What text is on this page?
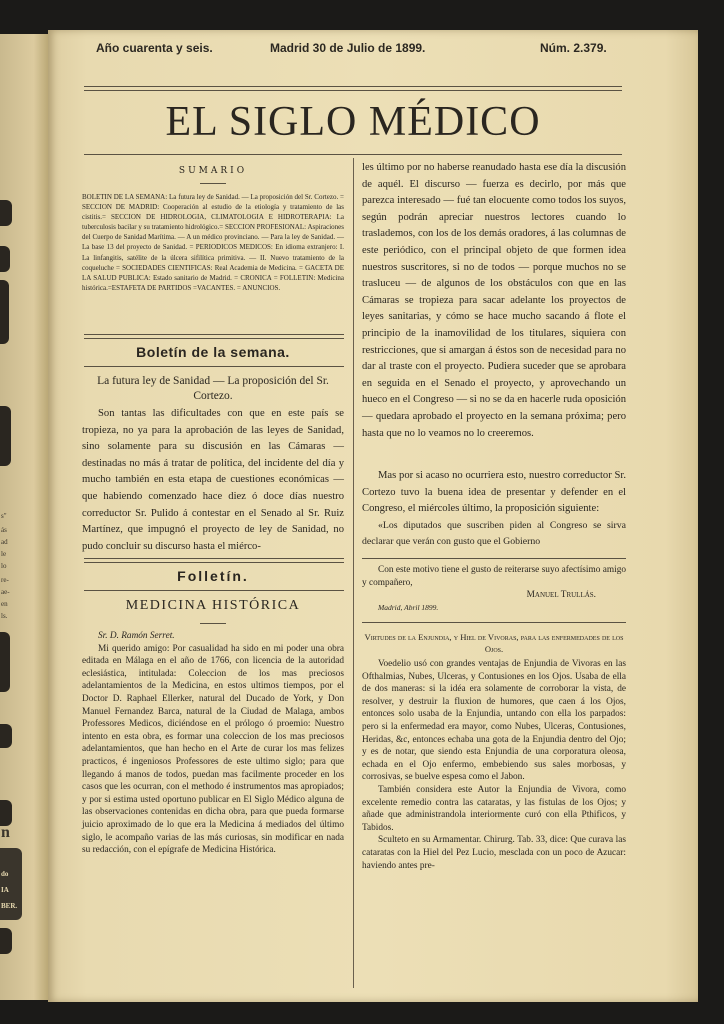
s"
ás
ad
le
lo
re-
ae-
en
ls.
n
do
IA
BER.
Año cuarenta y seis.	Madrid 30 de Julio de 1899.	Núm. 2.379.
EL SIGLO MÉDICO
SUMARIO
BOLETIN DE LA SEMANA: La futura ley de Sanidad. — La proposición del Sr. Cortezo. = SECCION DE MADRID: Cooperación al estudio de la etiología y tratamiento de las cistitis.= SECCION DE HIDROLOGIA, CLIMATOLOGIA E HIDROTERAPIA: La tuberculosis bacilar y su tratamiento hidrológico.= SECCION PROFESIONAL: Aspiraciones del Cuerpo de Sanidad Marítima. — A un médico provinciano. — Para la ley de Sanidad. — La base 13 del proyecto de Sanidad. = PERIODICOS MEDICOS: En idioma extranjero: I. La linfangitis, satélite de la úlcera sifilítica primitiva. — II. Nuevo tratamiento de la coqueluche = SOCIEDADES CIENTIFICAS: Real Academia de Medicina. = GACETA DE LA SALUD PUBLICA: Estado sanitario de Madrid. = CRONICA = FOLLETIN: Medicina histórica.=ESTAFETA DE PARTIDOS =VACANTES. = ANUNCIOS.
Boletín de la semana.
La futura ley de Sanidad — La proposición del Sr. Cortezo.

Son tantas las dificultades con que en este país se tropieza, no ya para la aprobación de las leyes de Sanidad, sino solamente para su discusión en las Cámaras — destinadas no más á tratar de política, del incidente del día y mucho también en esta etapa de cuestiones económicas — que habiendo comenzado hace diez ó doce días nuestro correductor Sr. Pulido á contestar en el Senado al Sr. Ruiz Martínez, que impugnó el proyecto de ley de Sanidad, no pudo concluir su discurso hasta el miérco-

Folletín.
MEDICINA HISTÓRICA

Sr. D. Ramón Serret.

Mi querido amigo: Por casualidad ha sido en mi poder una obra editada en Málaga en el año de 1766, con licencia de la autoridad eclesiástica, intitulada: Coleccion de los mas preciosos adelantamientos de la Medicina, en estos ultimos tiempos, por el Doctor D. Raphael Ellerker, natural del Ducado de York, y Don Manuel Fernandez Barca, natural de la Ciudad de Malaga, ambos Professores Medicos, diciéndose en el prólogo ó proemio: Nuestro intento en esta obra, es formar una coleccion de los mas preciosos adelantamientos, que han hecho en el Arte de curar los mas felizes practicos, é ingeniosos Professores de este ultimo siglo; para que llegando á manos de todos, puedan mas facilmente proceder en los casos que les ocurran, con el methodo é instrumentos mas apropiados; y por si estima usted oportuno publicar en El Siglo Médico alguna de las observaciones contenidas en dicha obra, para que pueda formarse juicio aproximado de lo que era la Medicina á mediados del último siglo, le acompaño varias de las más curiosas, sin modificar en nada su redacción, con el epígrafe de Medicina Histórica.

les último por no haberse reanudado hasta ese día la discusión de aquél. El discurso — fuerza es decirlo, por más que parezca interesado — fué tan elocuente como todos los suyos, según podrán apreciar nuestros lectores cuando lo traslademos, con los de los demás oradores, á las columnas de este periódico, con el principal objeto de que formen idea nuestros suscritores, si no de todos — porque muchos no se trasluceu — de algunos de los obstáculos con que en las Cámaras se tropieza para sacar adelante los proyectos de leyes sanitarias, y cómo se hace mucho sacando á flote el principio de la inamovilidad de los titulares, siquiera con restricciones, que si amargan á éstos son de necesidad para no dar al traste con el proyecto. Pudiera suceder que se aprobara en seguida en el Senado el proyecto, y aprovechando un hueco en el Congreso — si no se da en hacerle ruda oposición — quedara aprobado el proyecto en la semana próxima; pero hasta que no lo veamos no lo creeremos.

Mas por si acaso no ocurriera esto, nuestro correductor Sr. Cortezo tuvo la buena idea de presentar y defender en el Congreso, el miércoles último, la proposición siguiente:

«Los diputados que suscriben piden al Congreso se sirva declarar que verán con gusto que el Gobierno

Con este motivo tiene el gusto de reiterarse suyo afectísimo amigo y compañero,

Manuel Trullás.

Madrid, Abril 1899.

Virtudes de la Enjundia, y Hiel de Vivoras, para las enfermedades de los Ojos.

Voedelio usó con grandes ventajas de Enjundia de Vivoras en las Ofthalmias, Nubes, Ulceras, y Contusiones en los Ojos. Usaba de ella de dos maneras: si la idéa era solamente de corroborar la vista, de resolver, y destruir la fluxion de humores, que caen á los Ojos, entonces solo usaba de la Enjundia, untando con ella los parpados: pero si la enfermedad era mayor, como Nubes, Ulceras, Contusiones, Heridas, &c, entonces echaba una gota de la Enjundia dentro del Ojo; y es de notar, que siendo esta Enjundia de una corporatura oleosa, echada en el Ojo enfermo, embebiendo sus sales morbosas, y corrosivas, se buelve espesa como el Jabon.

También considera este Autor la Enjundia de Vivora, como excelente remedio contra las cataratas, y las fistulas de los Ojos; y añade que administrandola interiormente curó con ella Pthificos, y Tabidos.

Sculteto en su Armamentar. Chirurg. Tab. 33, dice: Que curava las cataratas con la Hiel del Pez Lucio, mesclada con un poco de Azucar: haviendo antes pre-
